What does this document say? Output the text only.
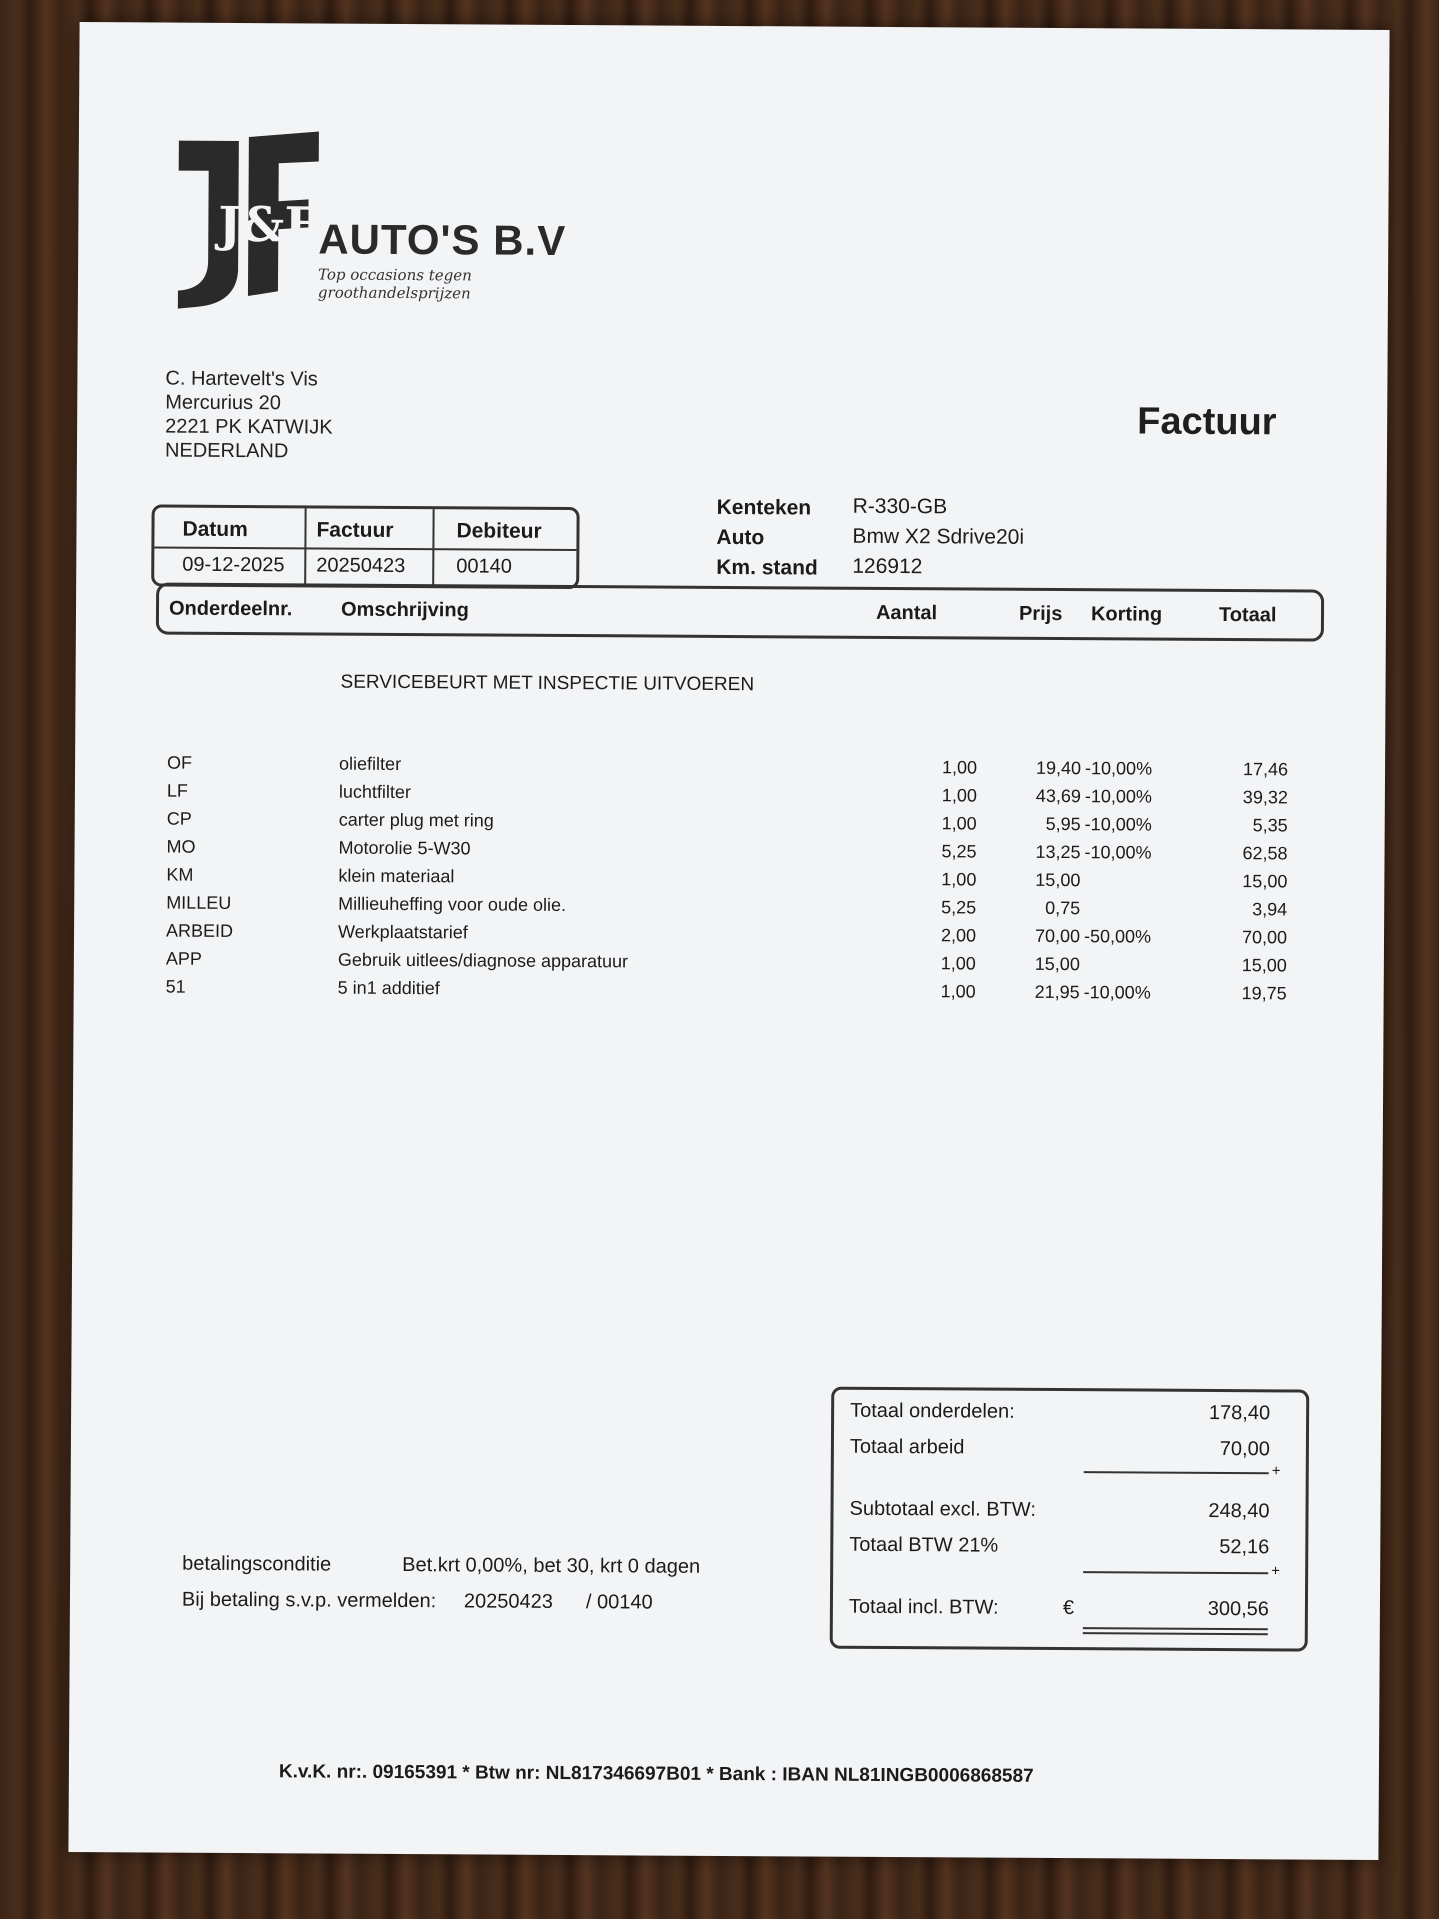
J&F AUTO'S B.V
Top occasions tegen groothandelsprijzen
C. Hartevelt's Vis
Mercurius 20
2221 PK KATWIJK
NEDERLAND
Factuur
Datum	Factuur	Debiteur
09-12-2025 20250423	00140
Kenteken R-330-GB
Auto	Bmw X2 Sdrive20i
Km. stand 126912
Onderdeelnr. Omschrijving	Aantal	Prijs Korting	Totaal
SERVICEBEURT MET INSPECTIE UITVOEREN
OF	oliefilter	1,00	19,40 -10,00%	17,46
LF	luchtfilter	1,00	43,69 -10,00%	39,32
CP	carter plug met ring	1,00	5,95 -10,00%	5,35
MO	Motorolie 5-W30	5,25	13,25 -10,00%	62,58
KM	klein materiaal	1,00	15,00	15,00
MILLEU	Millieuheffing voor oude olie.	5,25	0,75	3,94
ARBEID	Werkplaatstarief	2,00	70,00 -50,00%	70,00
APP	Gebruik uitlees/diagnose apparatuur	1,00	15,00	15,00
51	5 in1 additief	1,00	21,95 -10,00%	19,75
Totaal onderdelen:	178,40
Totaal arbeid	70,00
+
Subtotaal excl. BTW:	248,40
Totaal BTW 21%	52,16
+
Totaal incl. BTW:	€	300,56
betalingsconditie	Bet.krt 0,00%, bet 30, krt 0 dagen
Bij betaling s.v.p. vermelden: 20250423 / 00140
K.v.K. nr:. 09165391 * Btw nr: NL817346697B01 * Bank : IBAN NL81INGB0006868587
